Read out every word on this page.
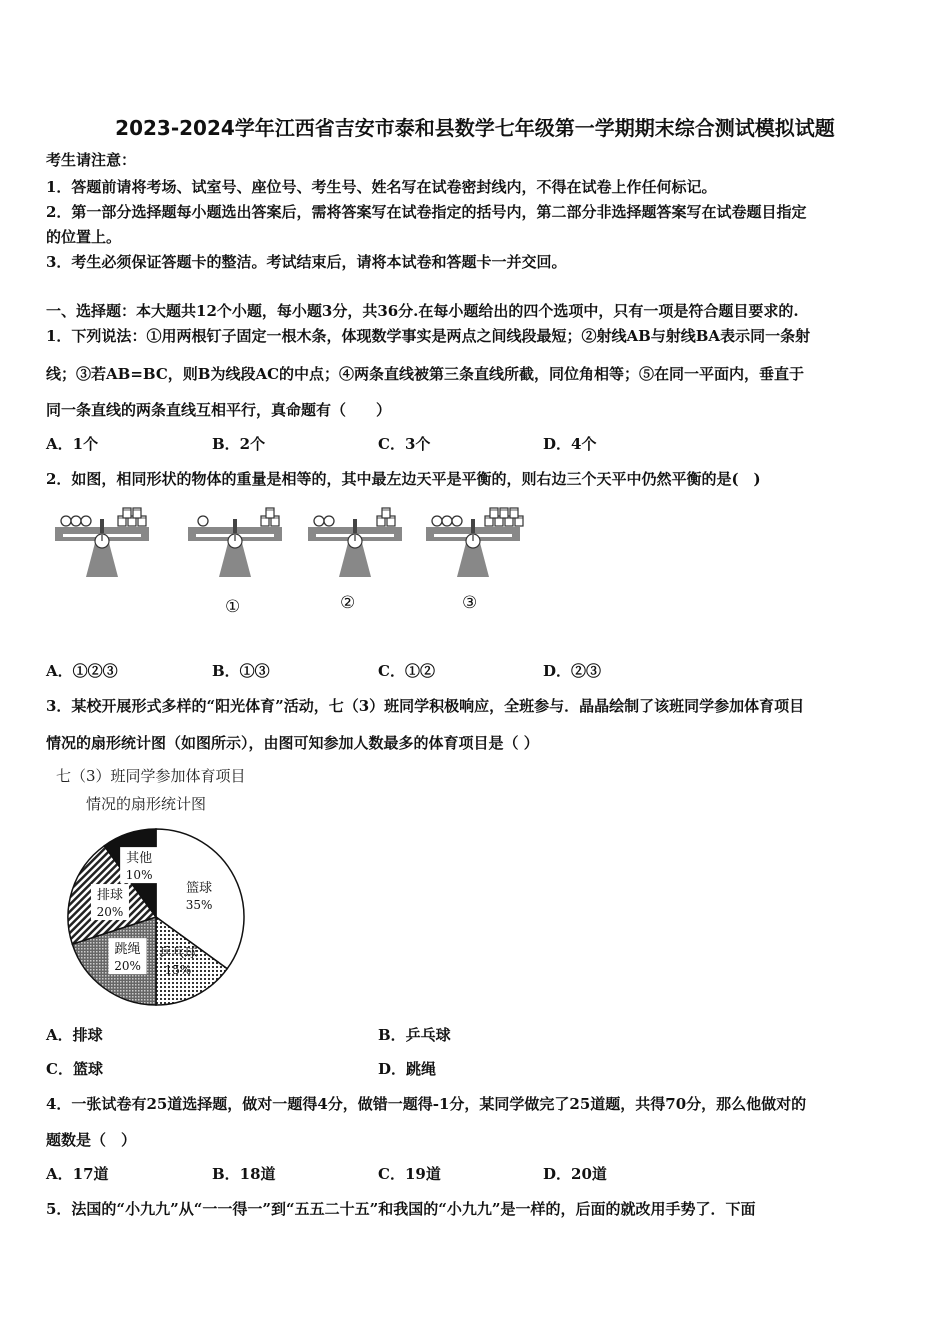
2023-2024学年江西省吉安市泰和县数学七年级第一学期期末综合测试模拟试题
考生请注意：
1．答题前请将考场、试室号、座位号、考生号、姓名写在试卷密封线内，不得在试卷上作任何标记。
2．第一部分选择题每小题选出答案后，需将答案写在试卷指定的括号内，第二部分非选择题答案写在试卷题目指定
的位置上。
3．考生必须保证答题卡的整洁。考试结束后，请将本试卷和答题卡一并交回。
一、选择题：本大题共12个小题，每小题3分，共36分.在每小题给出的四个选项中，只有一项是符合题目要求的.
1．下列说法：①用两根钉子固定一根木条，体现数学事实是两点之间线段最短；②射线AB与射线BA表示同一条射
线；③若AB=BC，则B为线段AC的中点；④两条直线被第三条直线所截，同位角相等；⑤在同一平面内，垂直于
同一条直线的两条直线互相平行，真命题有（　　）
A．1个	B．2个	C．3个	D．4个
2．如图，相同形状的物体的重量是相等的，其中最左边天平是平衡的，则右边三个天平中仍然平衡的是(　)
①	②	③
A．①②③	B．①③	C．①②	D．②③
3．某校开展形式多样的“阳光体育”活动，七（3）班同学积极响应，全班参与．晶晶绘制了该班同学参加体育项目
情况的扇形统计图（如图所示），由图可知参加人数最多的体育项目是（ ）
七（3）班同学参加体育项目
情况的扇形统计图
篮球
35%
乒乓球
15%
跳绳
20%
排球
20%
其他
10%
A．排球	B．乒乓球
C．篮球	D．跳绳
4．一张试卷有25道选择题，做对一题得4分，做错一题得-1分，某同学做完了25道题，共得70分，那么他做对的
题数是（　）
A．17道	B．18道	C．19道	D．20道
5．法国的“小九九”从“一一得一”到“五五二十五”和我国的“小九九”是一样的，后面的就改用手势了．下面
